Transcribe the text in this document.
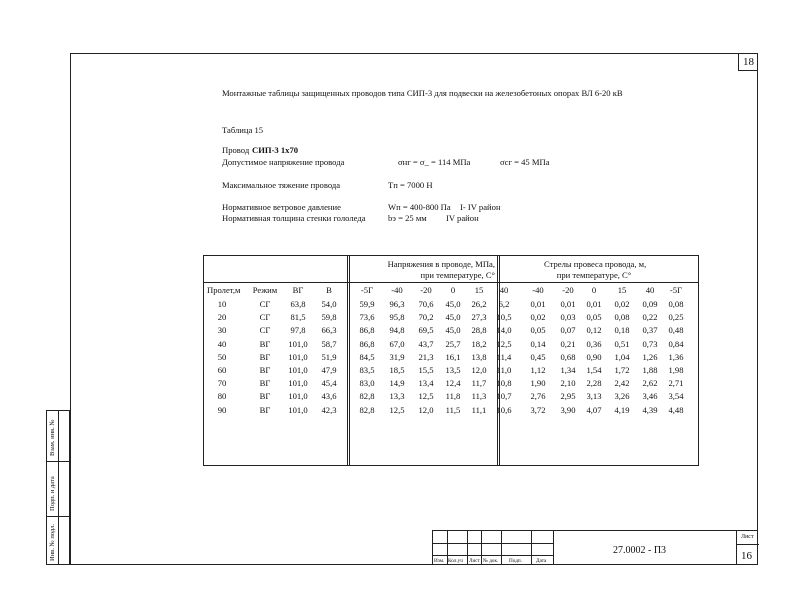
18
Монтажные таблицы защищенных проводов типа СИП-3 для подвески на железобетоных опорах ВЛ 6-20 кВ
Таблица 15
Провод СИП-3 1х70
Допустимое напряжение провода	σнг = σ_ = 114 МПа	σcг = 45 МПа
Максимальное тяжение провода	Tп = 7000 Н
Нормативное ветровое давление	Wп = 400-800 Па I- IV район
Нормативная толщина стенки гололеда	bэ = 25 мм IV район
Напряжения в проводе, МПа,
при температуре, С°
Стрелы провеса провода, м,
при температуре, С°
Пролет,м	Режим	ВГ	В	-5Г	-40	-20	0	15	40	-40	-20	0	15	40	-5Г
10	СГ	63,8	54,0	59,9	96,3	70,6	45,0	26,2	6,2	0,01	0,01	0,01	0,02	0,09	0,08
20	СГ	81,5	59,8	73,6	95,8	70,2	45,0	27,3	10,5	0,02	0,03	0,05	0,08	0,22	0,25
30	СГ	97,8	66,3	86,8	94,8	69,5	45,0	28,8	14,0	0,05	0,07	0,12	0,18	0,37	0,48
40	ВГ	101,0	58,7	86,8	67,0	43,7	25,7	18,2	12,5	0,14	0,21	0,36	0,51	0,73	0,84
50	ВГ	101,0	51,9	84,5	31,9	21,3	16,1	13,8	11,4	0,45	0,68	0,90	1,04	1,26	1,36
60	ВГ	101,0	47,9	83,5	18,5	15,5	13,5	12,0	11,0	1,12	1,34	1,54	1,72	1,88	1,98
70	ВГ	101,0	45,4	83,0	14,9	13,4	12,4	11,7	10,8	1,90	2,10	2,28	2,42	2,62	2,71
80	ВГ	101,0	43,6	82,8	13,3	12,5	11,8	11,3	10,7	2,76	2,95	3,13	3,26	3,46	3,54
90	ВГ	101,0	42,3	82,8	12,5	12,0	11,5	11,1	10,6	3,72	3,90	4,07	4,19	4,39	4,48
Взам. инв. №
Подп. и дата
Инв. № подл.	Изм. Кол.уч Лист № док. Подп.	Дата
27.0002 - П3
Лист
16
